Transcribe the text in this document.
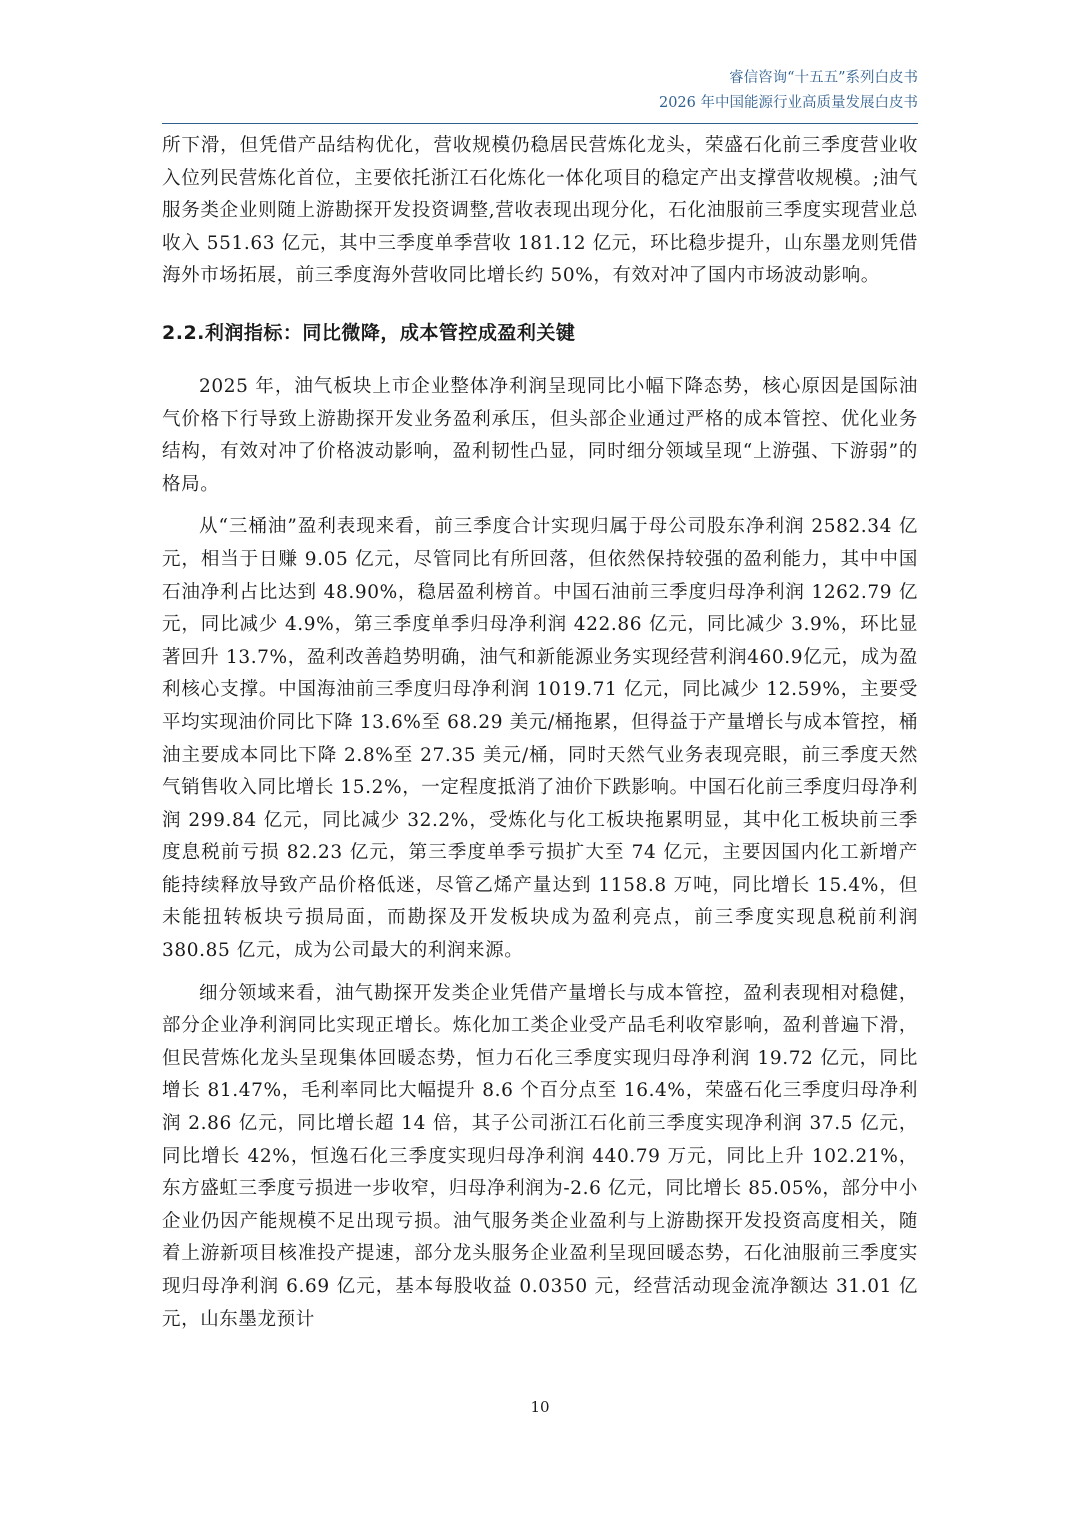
睿信咨询“十五五”系列白皮书
2026 年中国能源行业高质量发展白皮书

所下滑，但凭借产品结构优化，营收规模仍稳居民营炼化龙头，荣盛石化前三季度营业收入位列民营炼化首位，主要依托浙江石化炼化一体化项目的稳定产出支撑营收规模。;油气服务类企业则随上游勘探开发投资调整,营收表现出现分化，石化油服前三季度实现营业总收入 551.63 亿元，其中三季度单季营收 181.12 亿元，环比稳步提升，山东墨龙则凭借海外市场拓展，前三季度海外营收同比增长约 50%，有效对冲了国内市场波动影响。

2.2.利润指标：同比微降，成本管控成盈利关键

2025 年，油气板块上市企业整体净利润呈现同比小幅下降态势，核心原因是国际油气价格下行导致上游勘探开发业务盈利承压，但头部企业通过严格的成本管控、优化业务结构，有效对冲了价格波动影响，盈利韧性凸显，同时细分领域呈现“上游强、下游弱”的格局。

从“三桶油”盈利表现来看，前三季度合计实现归属于母公司股东净利润 2582.34 亿元，相当于日赚 9.05 亿元，尽管同比有所回落，但依然保持较强的盈利能力，其中中国石油净利占比达到 48.90%，稳居盈利榜首。中国石油前三季度归母净利润 1262.79 亿元，同比减少 4.9%，第三季度单季归母净利润 422.86 亿元，同比减少 3.9%，环比显著回升 13.7%，盈利改善趋势明确，油气和新能源业务实现经营利润460.9亿元，成为盈利核心支撑。中国海油前三季度归母净利润 1019.71 亿元，同比减少 12.59%，主要受平均实现油价同比下降 13.6%至 68.29 美元/桶拖累，但得益于产量增长与成本管控，桶油主要成本同比下降 2.8%至 27.35 美元/桶，同时天然气业务表现亮眼，前三季度天然气销售收入同比增长 15.2%，一定程度抵消了油价下跌影响。中国石化前三季度归母净利润 299.84 亿元，同比减少 32.2%，受炼化与化工板块拖累明显，其中化工板块前三季度息税前亏损 82.23 亿元，第三季度单季亏损扩大至 74 亿元，主要因国内化工新增产能持续释放导致产品价格低迷，尽管乙烯产量达到 1158.8 万吨，同比增长 15.4%，但未能扭转板块亏损局面，而勘探及开发板块成为盈利亮点，前三季度实现息税前利润 380.85 亿元，成为公司最大的利润来源。

细分领域来看，油气勘探开发类企业凭借产量增长与成本管控，盈利表现相对稳健，部分企业净利润同比实现正增长。炼化加工类企业受产品毛利收窄影响，盈利普遍下滑，但民营炼化龙头呈现集体回暖态势，恒力石化三季度实现归母净利润 19.72 亿元，同比增长 81.47%，毛利率同比大幅提升 8.6 个百分点至 16.4%，荣盛石化三季度归母净利润 2.86 亿元，同比增长超 14 倍，其子公司浙江石化前三季度实现净利润 37.5 亿元，同比增长 42%，恒逸石化三季度实现归母净利润 440.79 万元，同比上升 102.21%，东方盛虹三季度亏损进一步收窄，归母净利润为-2.6 亿元，同比增长 85.05%，部分中小企业仍因产能规模不足出现亏损。油气服务类企业盈利与上游勘探开发投资高度相关，随着上游新项目核准投产提速，部分龙头服务企业盈利呈现回暖态势，石化油服前三季度实现归母净利润 6.69 亿元，基本每股收益 0.0350 元，经营活动现金流净额达 31.01 亿元，山东墨龙预计

10
